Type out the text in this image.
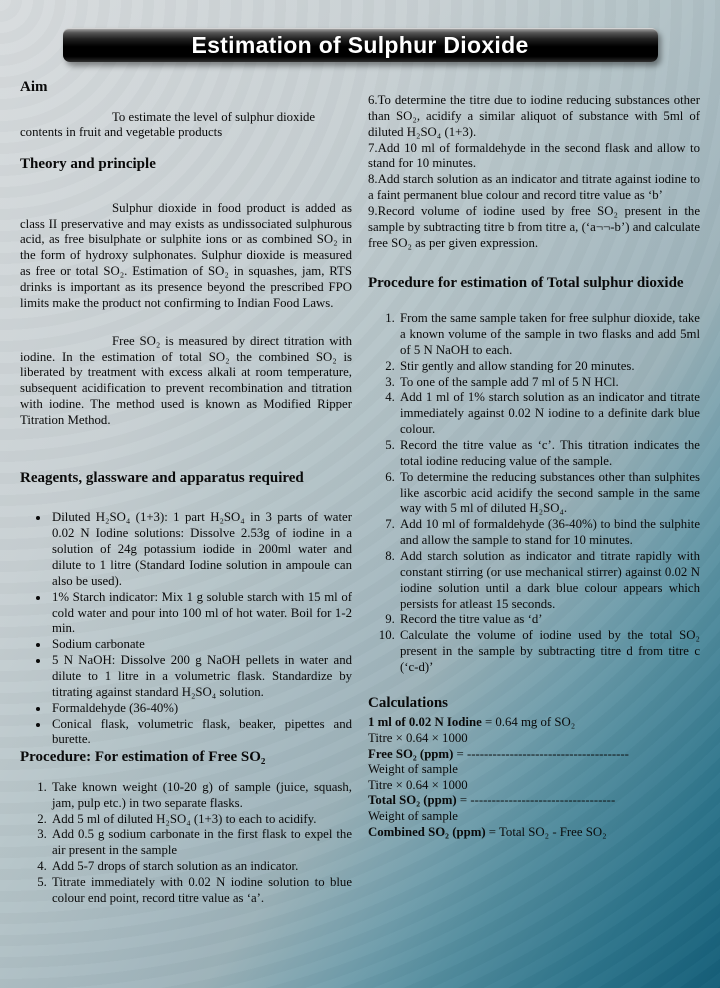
Estimation of Sulphur Dioxide
Aim

To estimate the level of sulphur dioxide contents in fruit and vegetable products

Theory and principle

Sulphur dioxide in food product is added as class II preservative and may exists as undissociated sulphurous acid, as free bisulphate or sulphite ions or as combined SO₂ in the form of hydroxy sulphonates. Sulphur dioxide is measured as free or total SO₂. Estimation of SO₂ in squashes, jam, RTS drinks is important as its presence beyond the prescribed FPO limits make the product not confirming to Indian Food Laws.

Free SO₂ is measured by direct titration with iodine. In the estimation of total SO₂ the combined SO₂ is liberated by treatment with excess alkali at room temperature, subsequent acidification to prevent recombination and titration with iodine. The method used is known as Modified Ripper Titration Method.

Reagents, glassware and apparatus required
• Diluted H₂SO₄ (1+3): 1 part H₂SO₄ in 3 parts of water 0.02 N Iodine solutions: Dissolve 2.53g of iodine in a solution of 24g potassium iodide in 200ml water and dilute to 1 litre (Standard Iodine solution in ampoule can also be used).
• 1% Starch indicator: Mix 1 g soluble starch with 15 ml of cold water and pour into 100 ml of hot water. Boil for 1-2 min.
• Sodium carbonate
• 5 N NaOH: Dissolve 200 g NaOH pellets in water and dilute to 1 litre in a volumetric flask. Standardize by titrating against standard H₂SO₄ solution.
• Formaldehyde (36-40%)
• Conical flask, volumetric flask, beaker, pipettes and burette.
Procedure: For estimation of Free SO₂
1. Take known weight (10-20 g) of sample (juice, squash, jam, pulp etc.) in two separate flasks.
2. Add 5 ml of diluted H₂SO₄ (1+3) to each to acidify.
3. Add 0.5 g sodium carbonate in the first flask to expel the air present in the sample
4. Add 5-7 drops of starch solution as an indicator.
5. Titrate immediately with 0.02 N iodine solution to blue colour end point, record titre value as ‘a’.

6.To determine the titre due to iodine reducing substances other than SO₂, acidify a similar aliquot of substance with 5ml of diluted H₂SO₄ (1+3).

7.Add 10 ml of formaldehyde in the second flask and allow to stand for 10 minutes.

8.Add starch solution as an indicator and titrate against iodine to a faint permanent blue colour and record titre value as ‘b’

9.Record volume of iodine used by free SO₂ present in the sample by subtracting titre b from titre a, (‘a¬¬-b’) and calculate free SO₂ as per given expression.

Procedure for estimation of Total sulphur dioxide
1. From the same sample taken for free sulphur dioxide, take a known volume of the sample in two flasks and add 5ml of 5 N NaOH to each.
2. Stir gently and allow standing for 20 minutes.
3. To one of the sample add 7 ml of 5 N HCl.
4. Add 1 ml of 1% starch solution as an indicator and titrate immediately against 0.02 N iodine to a definite dark blue colour.
5. Record the titre value as ‘c’. This titration indicates the total iodine reducing value of the sample.
6. To determine the reducing substances other than sulphites like ascorbic acid acidify the second sample in the same way with 5 ml of diluted H₂SO₄.
7. Add 10 ml of formaldehyde (36-40%) to bind the sulphite and allow the sample to stand for 10 minutes.
8. Add starch solution as indicator and titrate rapidly with constant stirring (or use mechanical stirrer) against 0.02 N iodine solution until a dark blue colour appears which persists for atleast 15 seconds.
9. Record the titre value as ‘d’
10. Calculate the volume of iodine used by the total SO₂ present in the sample by subtracting titre d from titre c (‘c-d)’
Calculations
1 ml of 0.02 N Iodine = 0.64 mg of SO₂
Titre × 0.64 × 1000
Free SO₂ (ppm) = --------------------------------------
Weight of sample
Titre × 0.64 × 1000
Total SO₂ (ppm) = ----------------------------------
Weight of sample
Combined SO₂ (ppm) = Total SO₂ - Free SO₂
